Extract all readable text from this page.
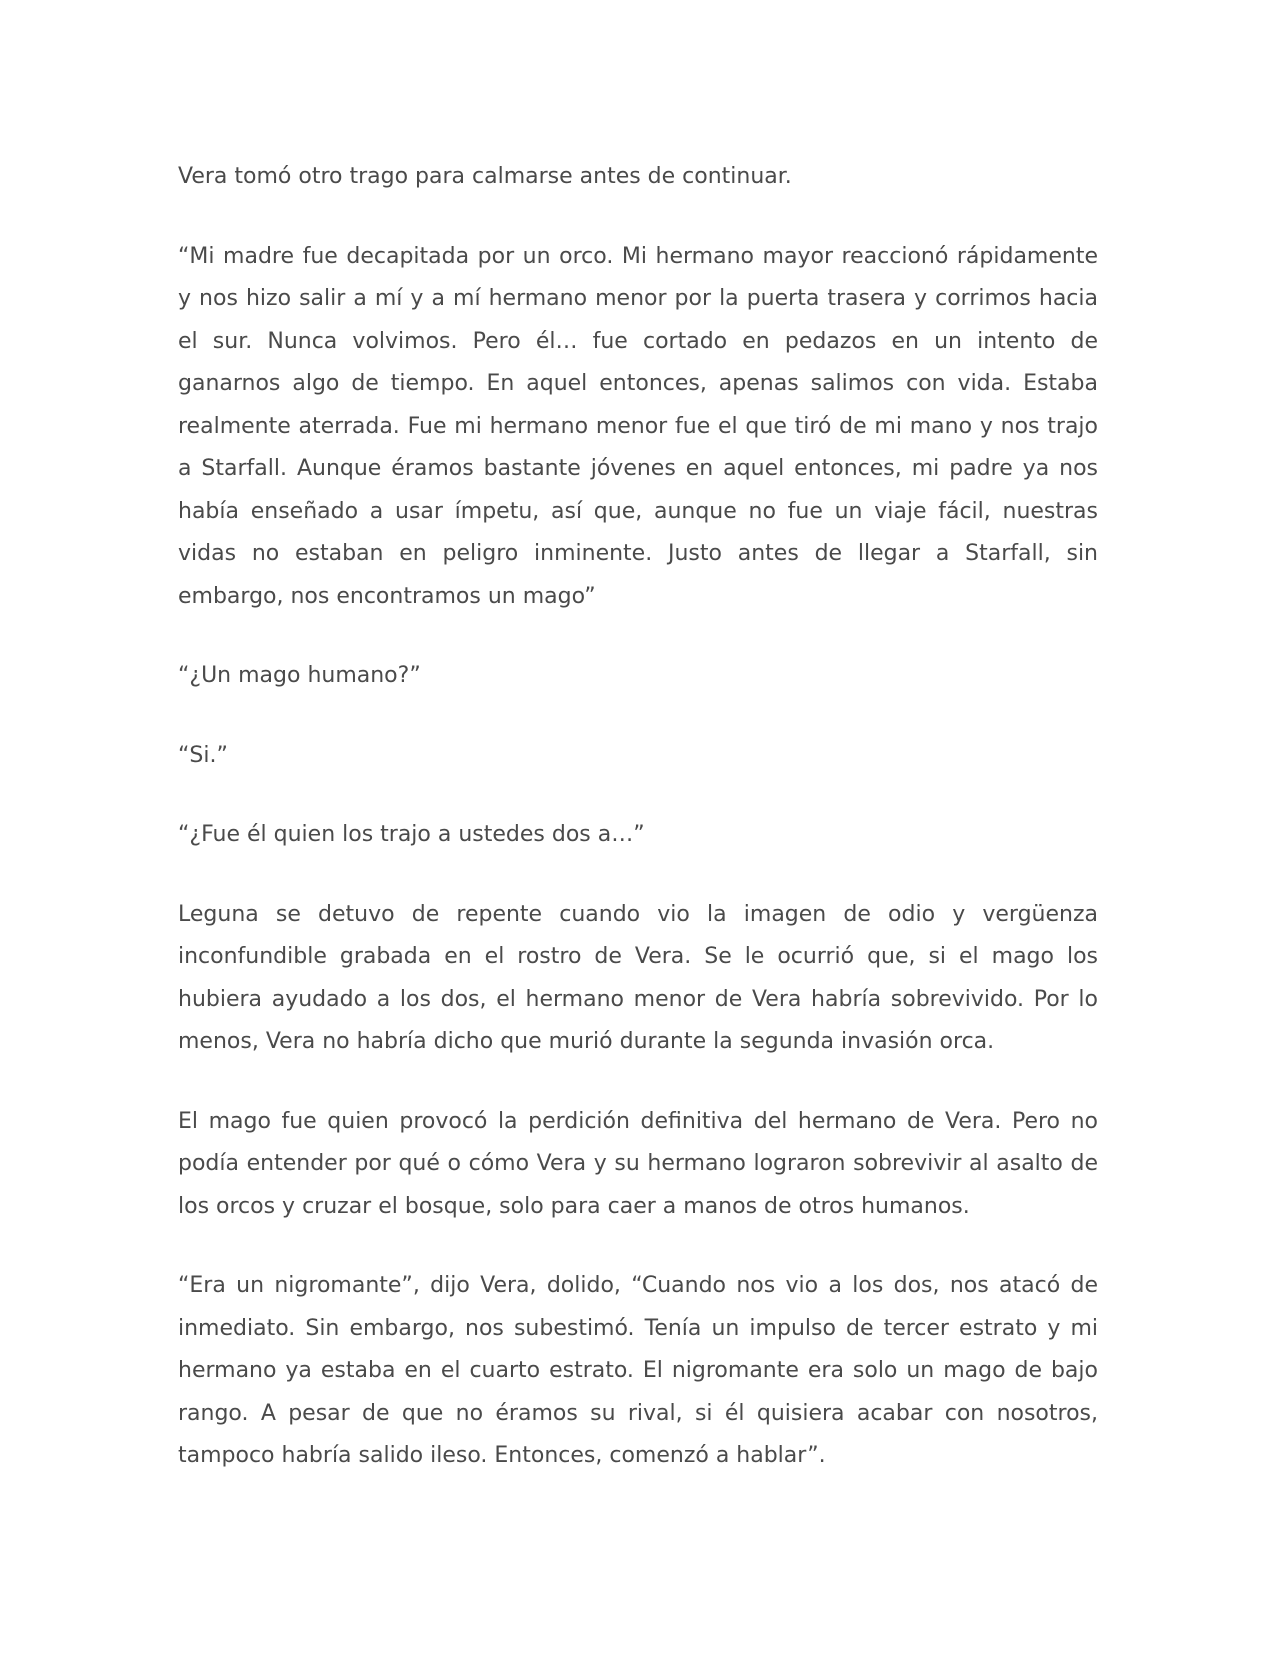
Vera tomó otro trago para calmarse antes de continuar.

“Mi madre fue decapitada por un orco. Mi hermano mayor reaccionó rápidamente y nos hizo salir a mí y a mí hermano menor por la puerta trasera y corrimos hacia el sur. Nunca volvimos. Pero él… fue cortado en pedazos en un intento de ganarnos algo de tiempo. En aquel entonces, apenas salimos con vida. Estaba realmente aterrada. Fue mi hermano menor fue el que tiró de mi mano y nos trajo a Starfall. Aunque éramos bastante jóvenes en aquel entonces, mi padre ya nos había enseñado a usar ímpetu, así que, aunque no fue un viaje fácil, nuestras vidas no estaban en peligro inminente. Justo antes de llegar a Starfall, sin embargo, nos encontramos un mago”

“¿Un mago humano?”

“Si.”

“¿Fue él quien los trajo a ustedes dos a…”

Leguna se detuvo de repente cuando vio la imagen de odio y vergüenza inconfundible grabada en el rostro de Vera. Se le ocurrió que, si el mago los hubiera ayudado a los dos, el hermano menor de Vera habría sobrevivido. Por lo menos, Vera no habría dicho que murió durante la segunda invasión orca.

El mago fue quien provocó la perdición definitiva del hermano de Vera. Pero no podía entender por qué o cómo Vera y su hermano lograron sobrevivir al asalto de los orcos y cruzar el bosque, solo para caer a manos de otros humanos.

“Era un nigromante”, dijo Vera, dolido, “Cuando nos vio a los dos, nos atacó de inmediato. Sin embargo, nos subestimó. Tenía un impulso de tercer estrato y mi hermano ya estaba en el cuarto estrato. El nigromante era solo un mago de bajo rango. A pesar de que no éramos su rival, si él quisiera acabar con nosotros, tampoco habría salido ileso. Entonces, comenzó a hablar”.
